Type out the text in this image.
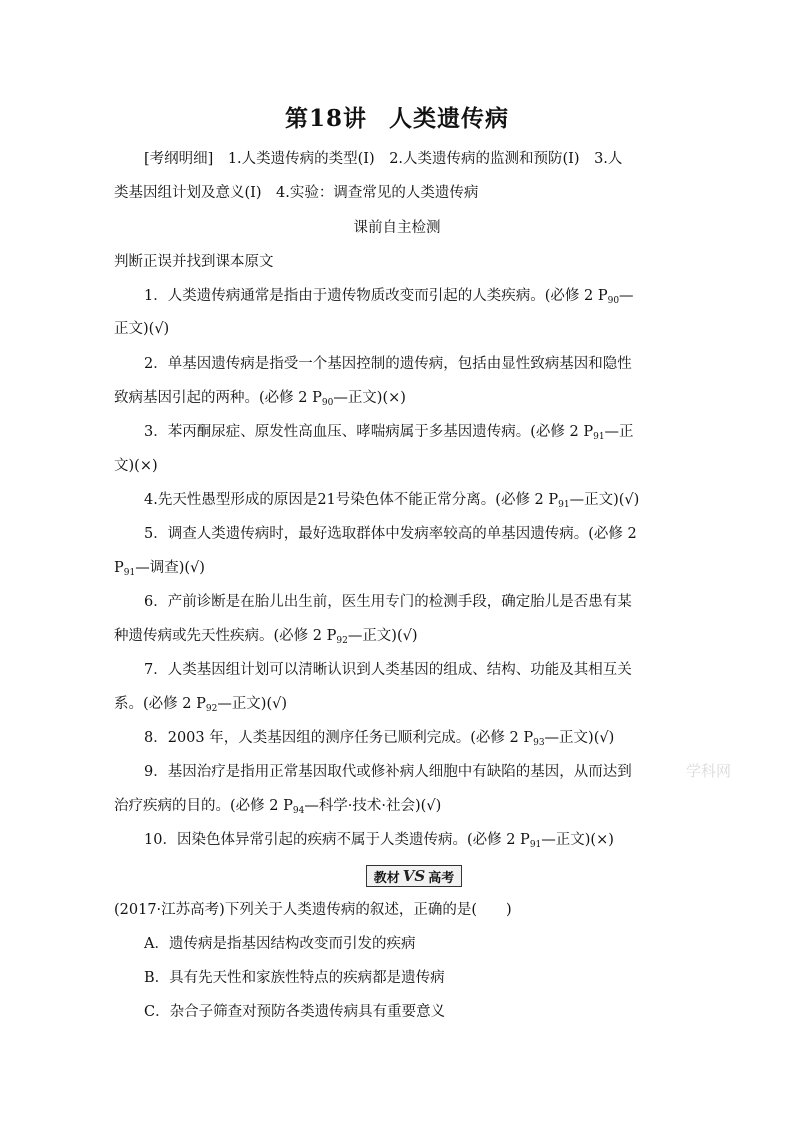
第18讲 人类遗传病
[考纲明细]　1.人类遗传病的类型(Ⅰ)　2.人类遗传病的监测和预防(Ⅰ)　3.人
类基因组计划及意义(Ⅰ)　4.实验：调查常见的人类遗传病
课前自主检测
判断正误并找到课本原文
1．人类遗传病通常是指由于遗传物质改变而引起的人类疾病。(必修 2 $P_{90}—$
正文)(√)
2．单基因遗传病是指受一个基因控制的遗传病，包括由显性致病基因和隐性
致病基因引起的两种。(必修 2 $P_{90}—$正文)(×)
3．苯丙酮尿症、原发性高血压、哮喘病属于多基因遗传病。(必修 2 $P_{91}—$正
文)(×)
4.先天性愚型形成的原因是21号染色体不能正常分离。(必修 2 $P_{91}—$正文)(√)
5．调查人类遗传病时，最好选取群体中发病率较高的单基因遗传病。(必修 2
$P_{91}—$调查)(√)
6．产前诊断是在胎儿出生前，医生用专门的检测手段，确定胎儿是否患有某
种遗传病或先天性疾病。(必修 2 $P_{92}—$正文)(√)
7．人类基因组计划可以清晰认识到人类基因的组成、结构、功能及其相互关
系。(必修 2 $P_{92}—$正文)(√)
8．2003 年，人类基因组的测序任务已顺利完成。(必修 2 $P_{93}—$正文)(√)
9．基因治疗是指用正常基因取代或修补病人细胞中有缺陷的基因，从而达到
治疗疾病的目的。(必修 2 $P_{94}—$科学·技术·社会)(√)
10．因染色体异常引起的疾病不属于人类遗传病。(必修 2 $P_{91}—$正文)(×)
教材 VS 高考
(2017·江苏高考)下列关于人类遗传病的叙述，正确的是(　　)
A．遗传病是指基因结构改变而引发的疾病
B．具有先天性和家族性特点的疾病都是遗传病
C．杂合子筛查对预防各类遗传病具有重要意义
学科网
